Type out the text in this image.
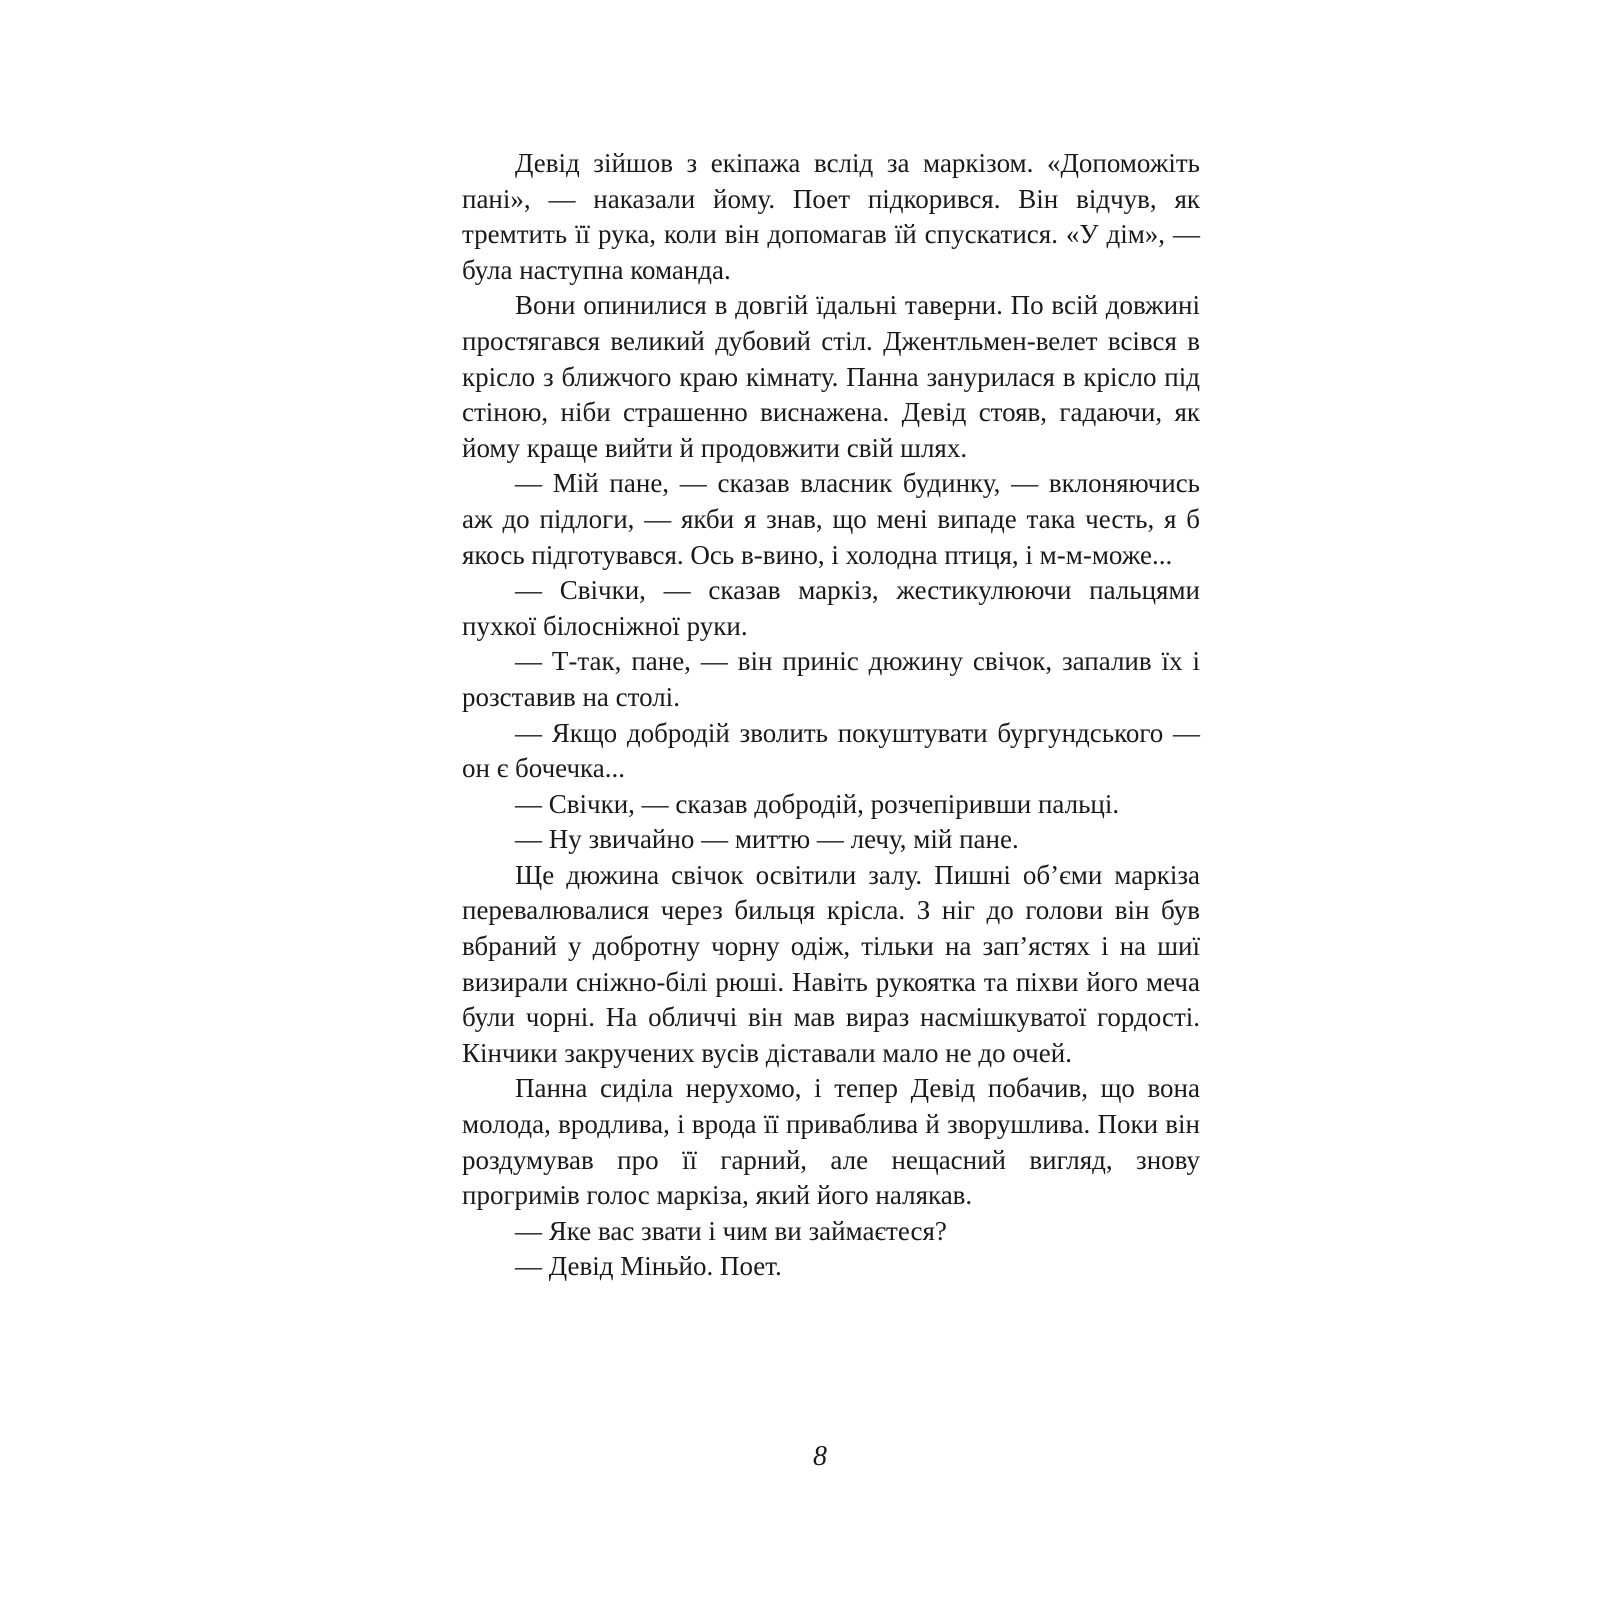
Девід зійшов з екіпажа вслід за маркізом. «Допоможіть пані», — наказали йому. Поет підкорився. Він відчув, як тремтить її рука, коли він допомагав їй спускатися. «У дім», — була наступна команда.

Вони опинилися в довгій їдальні таверни. По всій довжині простягався великий дубовий стіл. Джентльмен-велет всівся в крісло з ближчого краю кімнату. Панна занурилася в крісло під стіною, ніби страшенно виснажена. Девід стояв, гадаючи, як йому краще вийти й продовжити свій шлях.

— Мій пане, — сказав власник будинку, — вклоняючись аж до підлоги, — якби я знав, що мені випаде така честь, я б якось підготувався. Ось в-вино, і холодна птиця, і м-м-може...

— Свічки, — сказав маркіз, жестикулюючи пальцями пухкої білосніжної руки.

— Т-так, пане, — він приніс дюжину свічок, запалив їх і розставив на столі.

— Якщо добродій зволить покуштувати бургундського — он є бочечка...

— Свічки, — сказав добродій, розчепіривши пальці.

— Ну звичайно — миттю — лечу, мій пане.

Ще дюжина свічок освітили залу. Пишні об’єми маркіза перевалювалися через бильця крісла. З ніг до голови він був вбраний у добротну чорну одіж, тільки на зап’ястях і на шиї визирали сніжно-білі рюші. Навіть рукоятка та піхви його меча були чорні. На обличчі він мав вираз насмішкуватої гордості. Кінчики закручених вусів діставали мало не до очей.

Панна сиділа нерухомо, і тепер Девід побачив, що вона молода, вродлива, і врода її приваблива й зворушлива. Поки він роздумував про її гарний, але нещасний вигляд, знову прогримів голос маркіза, який його налякав.

— Яке вас звати і чим ви займаєтеся?

— Девід Міньйо. Поет.

8
